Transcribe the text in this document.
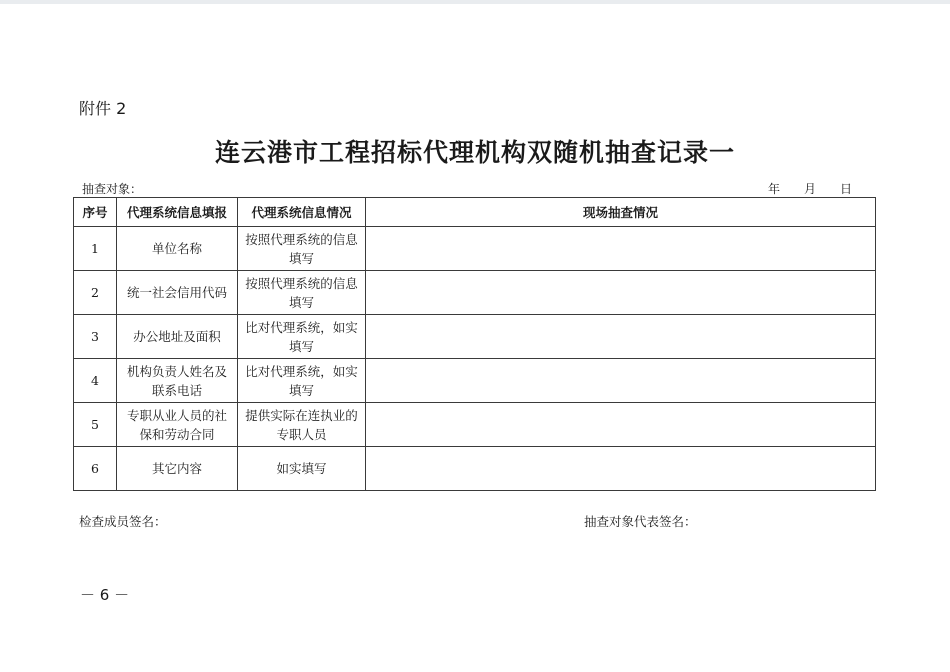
附件 2
连云港市工程招标代理机构双随机抽查记录一
抽查对象：	年 月 日
序号	代理系统信息填报	代理系统信息情况	现场抽查情况
1	单位名称	按照代理系统的信息填写	
2	统一社会信用代码	按照代理系统的信息填写	
3	办公地址及面积	比对代理系统，如实填写	
4	机构负责人姓名及联系电话	比对代理系统，如实填写	
5	专职从业人员的社保和劳动合同	提供实际在连执业的专职人员	
6	其它内容	如实填写	
检查成员签名：	抽查对象代表签名：
－ 6 －
